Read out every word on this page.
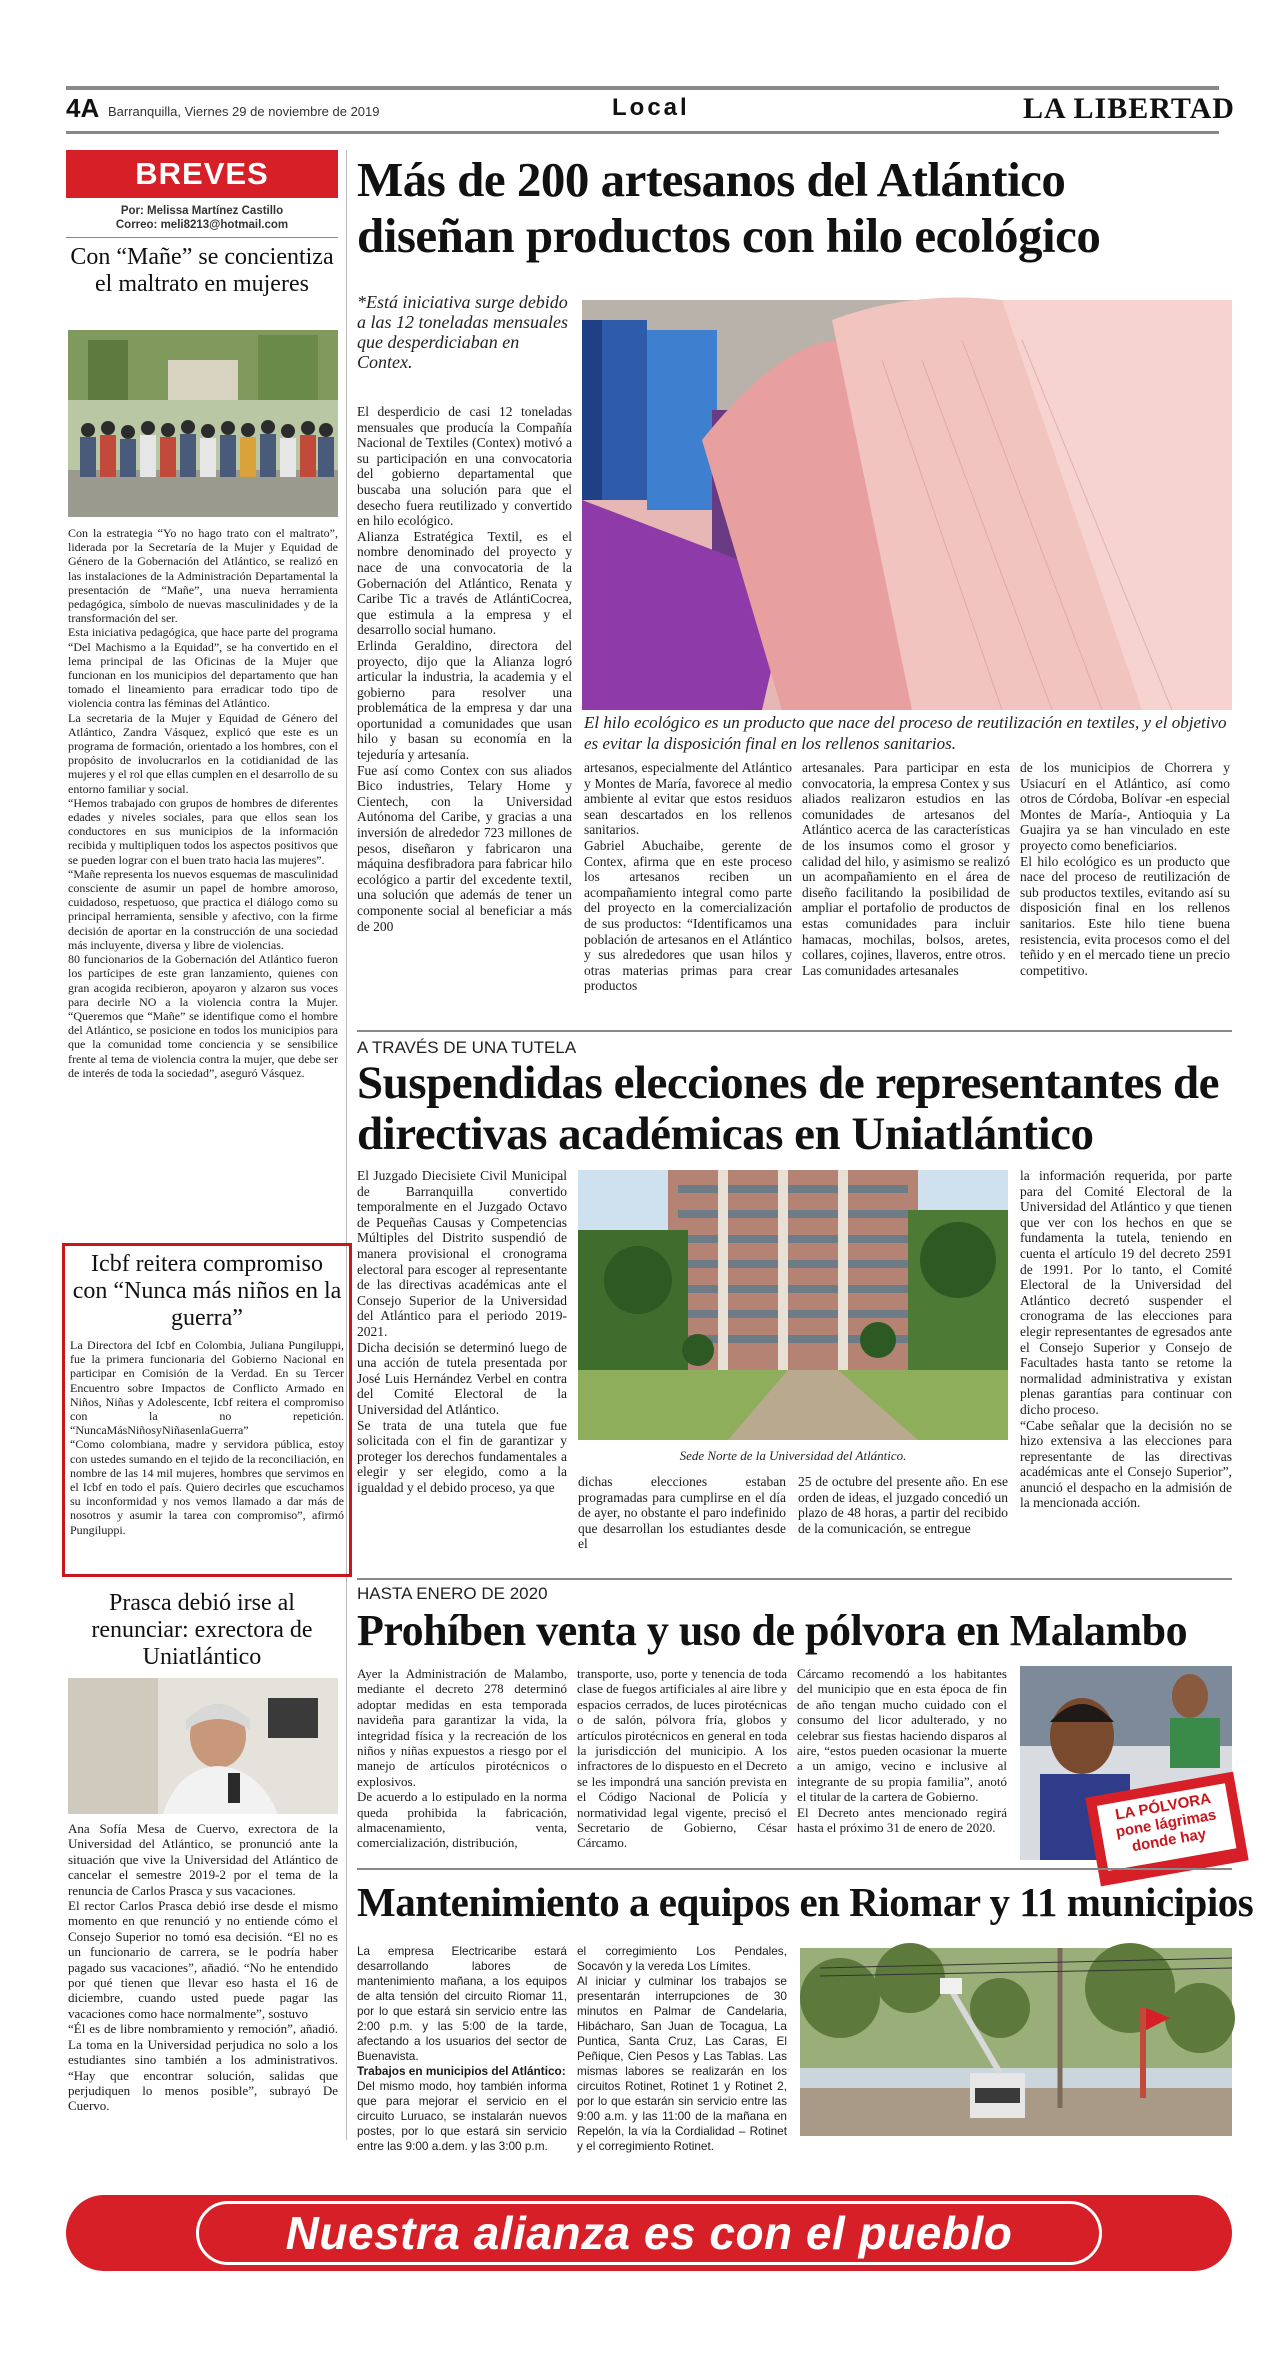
4A Barranquilla, Viernes 29 de noviembre de 2019	Local	LA LIBERTAD
BREVES
Por: Melissa Martínez Castillo
Correo: meli8213@hotmail.com
Con “Mañe” se concientiza el maltrato en mujeres

Con la estrategia “Yo no hago trato con el maltrato”, liderada por la Secretaría de la Mujer y Equidad de Género de la Gobernación del Atlántico, se realizó en las instalaciones de la Administración Departamental la presentación de “Mañe”, una nueva herramienta pedagógica, símbolo de nuevas masculinidades y de la transformación del ser.

Esta iniciativa pedagógica, que hace parte del programa “Del Machismo a la Equidad”, se ha convertido en el lema principal de las Oficinas de la Mujer que funcionan en los municipios del departamento que han tomado el lineamiento para erradicar todo tipo de violencia contra las féminas del Atlántico.

La secretaria de la Mujer y Equidad de Género del Atlántico, Zandra Vásquez, explicó que este es un programa de formación, orientado a los hombres, con el propósito de involucrarlos en la cotidianidad de las mujeres y el rol que ellas cumplen en el desarrollo de su entorno familiar y social.

“Hemos trabajado con grupos de hombres de diferentes edades y niveles sociales, para que ellos sean los conductores en sus municipios de la información recibida y multipliquen todos los aspectos positivos que se pueden lograr con el buen trato hacia las mujeres”.

“Mañe representa los nuevos esquemas de masculinidad consciente de asumir un papel de hombre amoroso, cuidadoso, respetuoso, que practica el diálogo como su principal herramienta, sensible y afectivo, con la firme decisión de aportar en la construcción de una sociedad más incluyente, diversa y libre de violencias.

80 funcionarios de la Gobernación del Atlántico fueron los partícipes de este gran lanzamiento, quienes con gran acogida recibieron, apoyaron y alzaron sus voces para decirle NO a la violencia contra la Mujer. “Queremos que “Mañe” se identifique como el hombre del Atlántico, se posicione en todos los municipios para que la comunidad tome conciencia y se sensibilice frente al tema de violencia contra la mujer, que debe ser de interés de toda la sociedad”, aseguró Vásquez.

Icbf reitera compromiso con “Nunca más niños en la guerra”

La Directora del Icbf en Colombia, Juliana Pungiluppi, fue la primera funcionaria del Gobierno Nacional en participar en Comisión de la Verdad. En su Tercer Encuentro sobre Impactos de Conflicto Armado en Niños, Niñas y Adolescente, Icbf reitera el compromiso con la no repetición. “NuncaMásNiñosyNiñasenlaGuerra”

“Como colombiana, madre y servidora pública, estoy con ustedes sumando en el tejido de la reconciliación, en nombre de las 14 mil mujeres, hombres que servimos en el Icbf en todo el país. Quiero decirles que escuchamos su inconformidad y nos vemos llamado a dar más de nosotros y asumir la tarea con compromiso”, afirmó Pungiluppi.

Prasca debió irse al renunciar: exrectora de Uniatlántico

Ana Sofía Mesa de Cuervo, exrectora de la Universidad del Atlántico, se pronunció ante la situación que vive la Universidad del Atlántico de cancelar el semestre 2019-2 por el tema de la renuncia de Carlos Prasca y sus vacaciones.

El rector Carlos Prasca debió irse desde el mismo momento en que renunció y no entiende cómo el Consejo Superior no tomó esa decisión. “El no es un funcionario de carrera, se le podría haber pagado sus vacaciones”, añadió. “No he entendido por qué tienen que llevar eso hasta el 16 de diciembre, cuando usted puede pagar las vacaciones como hace normalmente”, sostuvo

“Él es de libre nombramiento y remoción”, añadió. La toma en la Universidad perjudica no solo a los estudiantes sino también a los administrativos. “Hay que encontrar solución, salidas que perjudiquen lo menos posible”, subrayó De Cuervo.

Más de 200 artesanos del Atlántico diseñan productos con hilo ecológico
*Está iniciativa surge debido a las 12 toneladas mensuales que desperdiciaban en Contex.

El desperdicio de casi 12 toneladas mensuales que producía la Compañía Nacional de Textiles (Contex) motivó a su participación en una convocatoria del gobierno departamental que buscaba una solución para que el desecho fuera reutilizado y convertido en hilo ecológico.

Alianza Estratégica Textil, es el nombre denominado del proyecto y nace de una convocatoria de la Gobernación del Atlántico, Renata y Caribe Tic a través de AtlántiCocrea, que estimula a la empresa y el desarrollo social humano.

Erlinda Geraldino, directora del proyecto, dijo que la Alianza logró articular la industria, la academia y el gobierno para resolver una problemática de la empresa y dar una oportunidad a comunidades que usan hilo y basan su economía en la tejeduría y artesanía.

Fue así como Contex con sus aliados Bico industries, Telary Home y Cientech, con la Universidad Autónoma del Caribe, y gracias a una inversión de alrededor 723 millones de pesos, diseñaron y fabricaron una máquina desfibradora para fabricar hilo ecológico a partir del excedente textil, una solución que además de tener un componente social al beneficiar a más de 200

El hilo ecológico es un producto que nace del proceso de reutilización en textiles, y el objetivo es evitar la disposición final en los rellenos sanitarios.

artesanos, especialmente del Atlántico y Montes de María, favorece al medio ambiente al evitar que estos residuos sean descartados en los rellenos sanitarios.

Gabriel Abuchaibe, gerente de Contex, afirma que en este proceso los artesanos reciben un acompañamiento integral como parte del proyecto en la comercialización de sus productos: “Identificamos una población de artesanos en el Atlántico y sus alrededores que usan hilos y otras materias primas para crear productos

artesanales. Para participar en esta convocatoria, la empresa Contex y sus aliados realizaron estudios en las comunidades de artesanos del Atlántico acerca de las características de los insumos como el grosor y calidad del hilo, y asimismo se realizó un acompañamiento en el área de diseño facilitando la posibilidad de ampliar el portafolio de productos de estas comunidades para incluir hamacas, mochilas, bolsos, aretes, collares, cojines, llaveros, entre otros.

Las comunidades artesanales

de los municipios de Chorrera y Usiacurí en el Atlántico, así como otros de Córdoba, Bolívar -en especial Montes de María-, Antioquia y La Guajira ya se han vinculado en este proyecto como beneficiarios.

El hilo ecológico es un producto que nace del proceso de reutilización de sub productos textiles, evitando así su disposición final en los rellenos sanitarios. Este hilo tiene buena resistencia, evita procesos como el del teñido y en el mercado tiene un precio competitivo.

A TRAVÉS DE UNA TUTELA
Suspendidas elecciones de representantes de directivas académicas en Uniatlántico

El Juzgado Diecisiete Civil Municipal de Barranquilla convertido temporalmente en el Juzgado Octavo de Pequeñas Causas y Competencias Múltiples del Distrito suspendió de manera provisional el cronograma electoral para escoger al representante de las directivas académicas ante el Consejo Superior de la Universidad del Atlántico para el periodo 2019-2021.

Dicha decisión se determinó luego de una acción de tutela presentada por José Luis Hernández Verbel en contra del Comité Electoral de la Universidad del Atlántico.

Se trata de una tutela que fue solicitada con el fin de garantizar y proteger los derechos fundamentales a elegir y ser elegido, como a la igualdad y el debido proceso, ya que

Sede Norte de la Universidad del Atlántico.

dichas elecciones estaban programadas para cumplirse en el día de ayer, no obstante el paro indefinido que desarrollan los estudiantes desde el

25 de octubre del presente año. En ese orden de ideas, el juzgado concedió un plazo de 48 horas, a partir del recibido de la comunicación, se entregue

la información requerida, por parte para del Comité Electoral de la Universidad del Atlántico y que tienen que ver con los hechos en que se fundamenta la tutela, teniendo en cuenta el artículo 19 del decreto 2591 de 1991. Por lo tanto, el Comité Electoral de la Universidad del Atlántico decretó suspender el cronograma de las elecciones para elegir representantes de egresados ante el Consejo Superior y Consejo de Facultades hasta tanto se retome la normalidad administrativa y existan plenas garantías para continuar con dicho proceso.

“Cabe señalar que la decisión no se hizo extensiva a las elecciones para representante de las directivas académicas ante el Consejo Superior”, anunció el despacho en la admisión de la mencionada acción.

HASTA ENERO DE 2020
Prohíben venta y uso de pólvora en Malambo

Ayer la Administración de Malambo, mediante el decreto 278 determinó adoptar medidas en esta temporada navideña para garantizar la vida, la integridad física y la recreación de los niños y niñas expuestos a riesgo por el manejo de artículos pirotécnicos o explosivos.

De acuerdo a lo estipulado en la norma queda prohibida la fabricación, almacenamiento, venta, comercialización, distribución,

transporte, uso, porte y tenencia de toda clase de fuegos artificiales al aire libre y espacios cerrados, de luces pirotécnicas o de salón, pólvora fría, globos y artículos pirotécnicos en general en toda la jurisdicción del municipio. A los infractores de lo dispuesto en el Decreto se les impondrá una sanción prevista en el Código Nacional de Policía y normatividad legal vigente, precisó el Secretario de Gobierno, César Cárcamo.

Cárcamo recomendó a los habitantes del municipio que en esta época de fin de año tengan mucho cuidado con el consumo del licor adulterado, y no celebrar sus fiestas haciendo disparos al aire, “estos pueden ocasionar la muerte a un amigo, vecino e inclusive al integrante de su propia familia”, anotó el titular de la cartera de Gobierno.

El Decreto antes mencionado regirá hasta el próximo 31 de enero de 2020.

LA PÓLVORA pone lágrimas donde hay
Mantenimiento a equipos en Riomar y 11 municipios

La empresa Electricaribe estará desarrollando labores de mantenimiento mañana, a los equipos de alta tensión del circuito Riomar 11, por lo que estará sin servicio entre las 2:00 p.m. y las 5:00 de la tarde, afectando a los usuarios del sector de Buenavista.

Trabajos en municipios del Atlántico:

Del mismo modo, hoy también informa que para mejorar el servicio en el circuito Luruaco, se instalarán nuevos postes, por lo que estará sin servicio entre las 9:00 a.dem. y las 3:00 p.m.

el corregimiento Los Pendales, Socavón y la vereda Los Límites.

Al iniciar y culminar los trabajos se presentarán interrupciones de 30 minutos en Palmar de Candelaria, Hibácharo, San Juan de Tocagua, La Puntica, Santa Cruz, Las Caras, El Peñique, Cien Pesos y Las Tablas. Las mismas labores se realizarán en los circuitos Rotinet, Rotinet 1 y Rotinet 2, por lo que estarán sin servicio entre las 9:00 a.m. y las 11:00 de la mañana en Repelón, la vía la Cordialidad – Rotinet y el corregimiento Rotinet.

Nuestra alianza es con el pueblo
